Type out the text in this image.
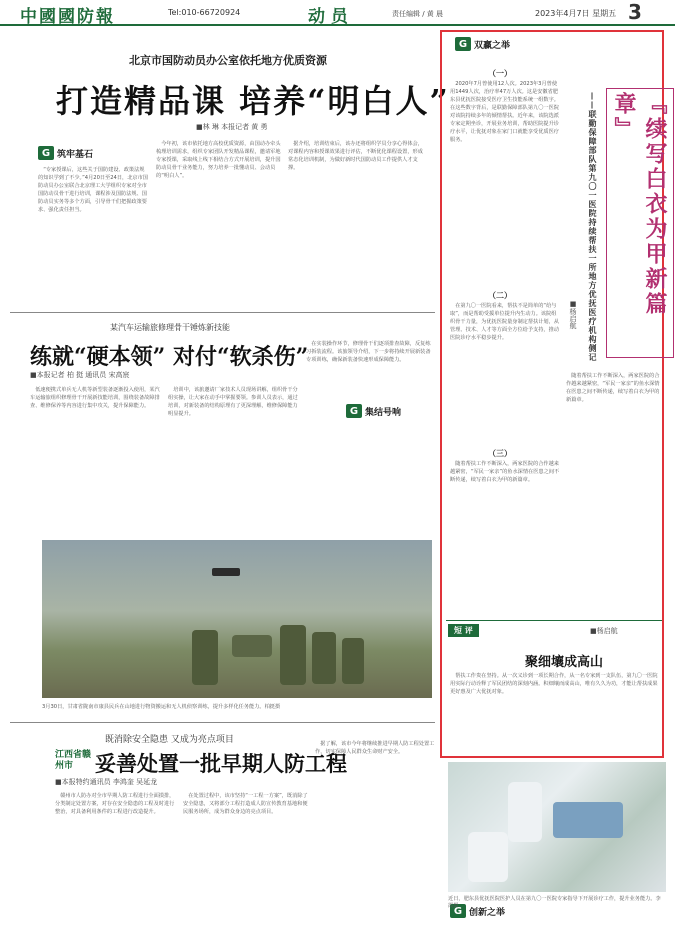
中國國防報	Tel:010-66720924	动 员	责任编辑 / 黄 晨	2023年4月7日 星期五 3
北京市国防动员办公室依托地方优质资源
打造精品课 培养“明白人”
■林 琳 本报记者 黄 勇
G 筑牢基石

“专家授课后，这些关于国防建设、政策法规的知识学到了不少。”4月20日至24日，北京市国防动员办公室联合北京理工大学组织专家对全市国防动员骨干进行培训，课程涉及国防法规、国防动员实务等多个方面，引导骨干们把握政策要求、强化责任担当。

今年初，该市依托地方高校优质资源，由国动办牵头梳理培训需求，组织专家团队开发精品课程，邀请军地专家授课，采取线上线下相结合方式开展培训，提升国防动员骨干业务能力，努力培养一批懂动员、会动员的“明白人”。

据介绍，培训结束后，该办还将组织学员分享心得体会，对课程内容和授课效果进行评估，不断优化课程设置，形成常态化培训机制，为做好新时代国防动员工作提供人才支撑。

某汽车运输旅修理骨干锤炼新技能
练就“硬本领” 对付“软杀伤”
■本报记者 柏 挺 通讯员 宋高宸

低速便携式单兵无人机等新型装备逐渐投入使用，某汽车运输旅组织修理骨干开展新技能培训，围绕装备故障排查、维修保养等内容进行集中攻关，提升保障能力。

培训中，该旅邀请厂家技术人员现场讲解，组织骨干分组实操，让大家在动手中掌握要领。参训人员表示，通过培训，对新装备的结构原理有了更深理解，维修保障能力明显提升。

在实装操作环节，修理骨干们逐项排查故障，反复练习拆装流程。该旅领导介绍，下一步将持续开展新装备专项训练，确保新装备快速形成保障能力。

G 集结号响
3月30日，甘肃省陇南市康县民兵在山地进行物资搬运和无人机侦察训练，提升多样化任务能力。柏挺摄
既消除安全隐患 又成为亮点项目
江西省赣州市	妥善处置一批早期人防工程
■本报特约通讯员 李鸿奎 吴延龙

赣州市人防办对全市早期人防工程进行全面摸排，分类制定处置方案，对存在安全隐患的工程及时进行整治，对具备利用条件的工程进行改造提升。

在处置过程中，该市坚持“一工程一方案”，既消除了安全隐患，又将部分工程打造成人防宣传教育基地和便民服务场所，成为群众身边的亮点项目。

据了解，该市今年将继续推进早期人防工程处置工作，切实保障人民群众生命财产安全。

G 创新之举
G 双赢之举
『续写白衣为甲新篇章』
——联勤保障部队第九〇一医院持续帮扶一所地方优抚医疗机构侧记
■杨启航
（一）

2020年7月曾使用12人次。2023年3月曾使用1449人次，治疗率47万人次。这是安徽省肥东县优抚医院接受医疗卫生技能系统一组数字。在这些数字背后，是联勤保障部队第九〇一医院对该院持续多年的倾情帮扶。近年来，该院选派专家定期坐诊，开展业务培训，帮助医院提升诊疗水平，让优抚对象在家门口就能享受优质医疗服务。

（二）

在第九〇一医院看来，帮扶不是简单的“给与取”，而是帮助受援单位提升内生动力。该院组织骨干力量，为优抚医院量身制定帮扶计划，从管理、技术、人才等方面全方位给予支持，推动医院诊疗水平稳步提升。

（三）

随着帮扶工作不断深入，两家医院的合作越来越紧密，“军民一家亲”的鱼水深情在医患之间不断传递，续写着白衣为甲的新篇章。

随着帮扶工作不断深入，两家医院的合作越来越紧密，“军民一家亲”的鱼水深情在医患之间不断传递，续写着白衣为甲的新篇章。

短 评	■杨启航
聚细壤成高山

帮扶工作贵在坚持。从一次义诊到一项长期合作，从一名专家到一支队伍，第九〇一医院用实际行动诠释了军民团结的深刻内涵。积细壤而成高山，唯有久久为功，才能让帮扶成果更好惠及广大优抚对象。

近日，肥东县优抚医院医护人员在第九〇一医院专家指导下开展诊疗工作，提升业务能力。李 霞摄
